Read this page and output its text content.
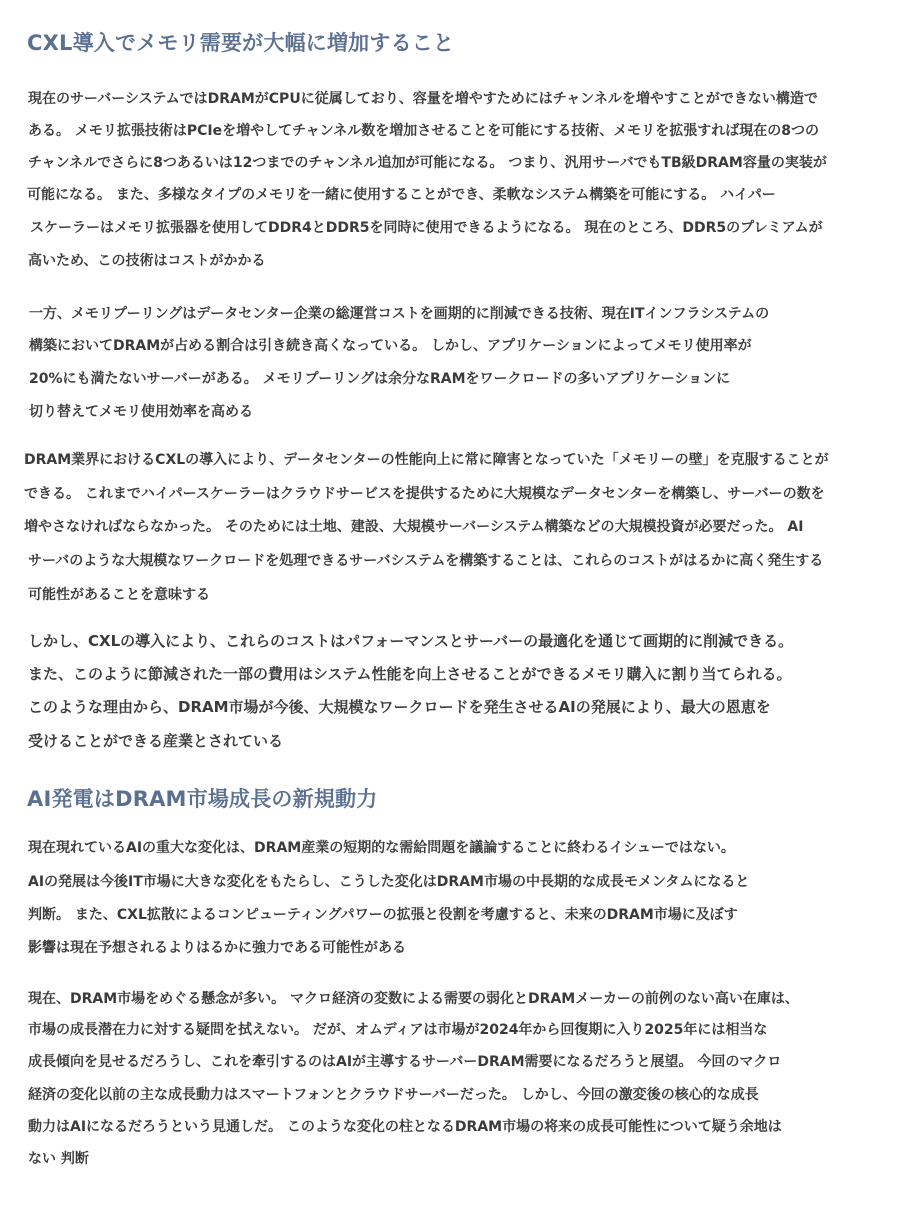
CXL導入でメモリ需要が大幅に増加すること
現在のサーバーシステムではDRAMがCPUに従属しており、容量を増やすためにはチャンネルを増やすことができない構造で
ある。 メモリ拡張技術はPCIeを増やしてチャンネル数を増加させることを可能にする技術、メモリを拡張すれば現在の8つの
チャンネルでさらに8つあるいは12つまでのチャンネル追加が可能になる。 つまり、汎用サーバでもTB級DRAM容量の実装が
可能になる。 また、多様なタイプのメモリを一緒に使用することができ、柔軟なシステム構築を可能にする。 ハイパー
スケーラーはメモリ拡張器を使用してDDR4とDDR5を同時に使用できるようになる。 現在のところ、DDR5のプレミアムが
高いため、この技術はコストがかかる
一方、メモリプーリングはデータセンター企業の総運営コストを画期的に削減できる技術、現在ITインフラシステムの
構築においてDRAMが占める割合は引き続き高くなっている。 しかし、アプリケーションによってメモリ使用率が
20%にも満たないサーバーがある。 メモリプーリングは余分なRAMをワークロードの多いアプリケーションに
切り替えてメモリ使用効率を高める
DRAM業界におけるCXLの導入により、データセンターの性能向上に常に障害となっていた「メモリーの壁」を克服することが
できる。 これまでハイパースケーラーはクラウドサービスを提供するために大規模なデータセンターを構築し、サーバーの数を
増やさなければならなかった。 そのためには土地、建設、大規模サーバーシステム構築などの大規模投資が必要だった。 AI
サーバのような大規模なワークロードを処理できるサーバシステムを構築することは、これらのコストがはるかに高く発生する
可能性があることを意味する
しかし、CXLの導入により、これらのコストはパフォーマンスとサーバーの最適化を通じて画期的に削減できる。
また、このように節減された一部の費用はシステム性能を向上させることができるメモリ購入に割り当てられる。
このような理由から、DRAM市場が今後、大規模なワークロードを発生させるAIの発展により、最大の恩恵を
受けることができる産業とされている
AI発電はDRAM市場成長の新規動力
現在現れているAIの重大な変化は、DRAM産業の短期的な需給問題を議論することに終わるイシューではない。
AIの発展は今後IT市場に大きな変化をもたらし、こうした変化はDRAM市場の中長期的な成長モメンタムになると
判断。 また、CXL拡散によるコンピューティングパワーの拡張と役割を考慮すると、未来のDRAM市場に及ぼす
影響は現在予想されるよりはるかに強力である可能性がある
現在、DRAM市場をめぐる懸念が多い。 マクロ経済の変数による需要の弱化とDRAMメーカーの前例のない高い在庫は、
市場の成長潜在力に対する疑問を拭えない。 だが、オムディアは市場が2024年から回復期に入り2025年には相当な
成長傾向を見せるだろうし、これを牽引するのはAIが主導するサーバーDRAM需要になるだろうと展望。 今回のマクロ
経済の変化以前の主な成長動力はスマートフォンとクラウドサーバーだった。 しかし、今回の激変後の核心的な成長
動力はAIになるだろうという見通しだ。 このような変化の柱となるDRAM市場の将来の成長可能性について疑う余地は
ない 判断
